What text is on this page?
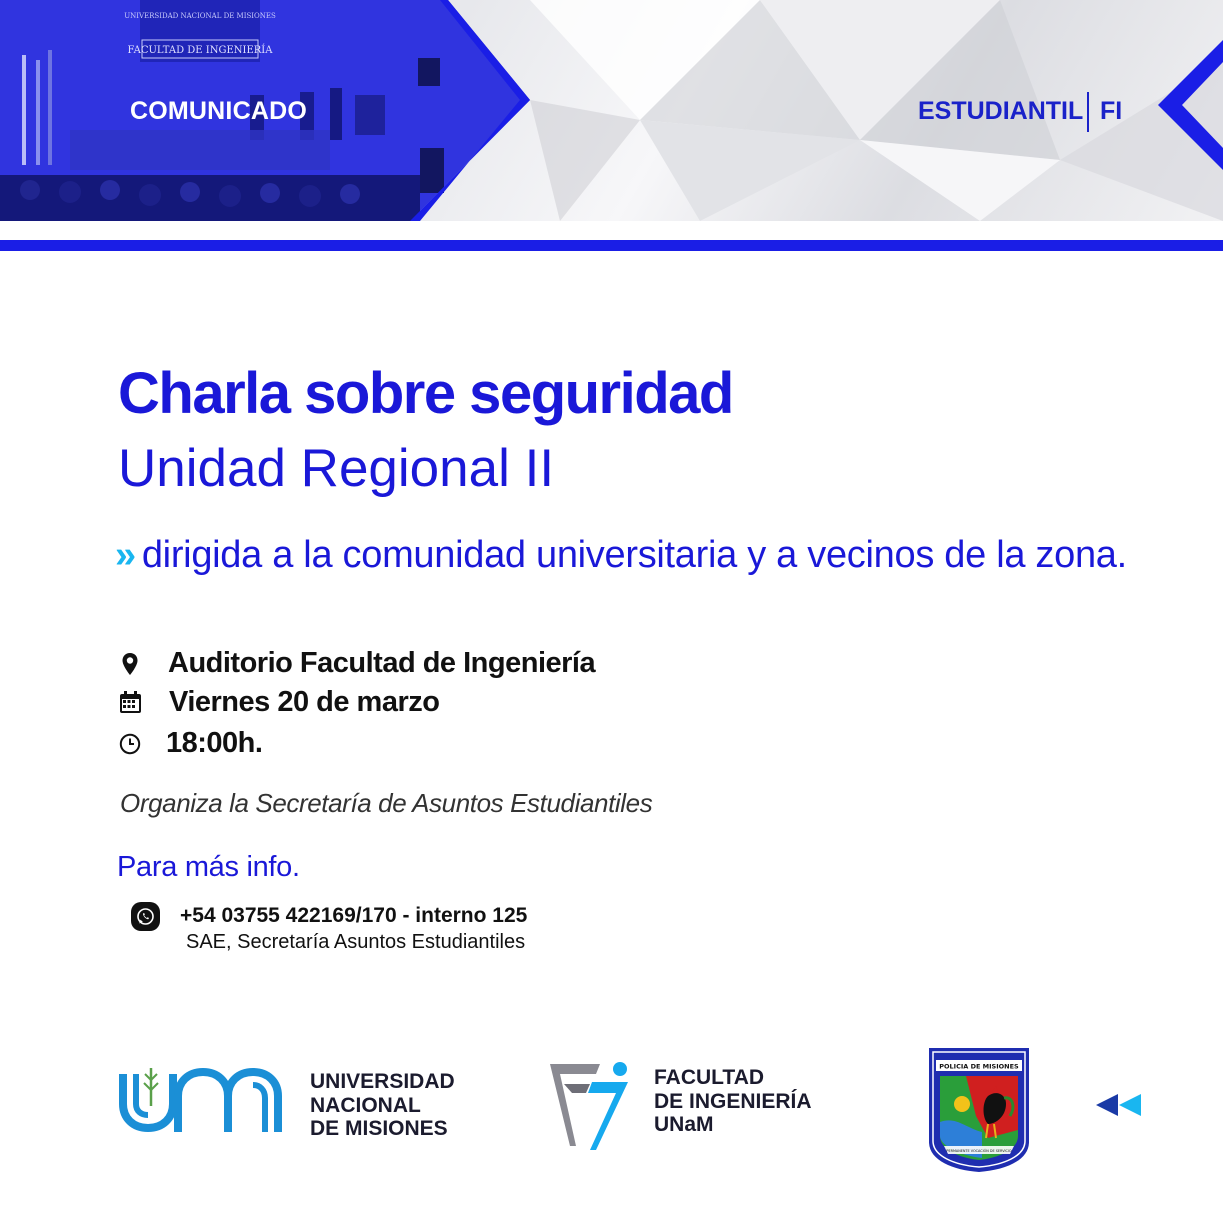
UNIVERSIDAD NACIONAL DE MISIONES
FACULTAD DE INGENIERÍA
COMUNICADO	ESTUDIANTIL FI
Charla sobre seguridad
Unidad Regional II
» dirigida a la comunidad universitaria y a vecinos de la zona.
Auditorio Facultad de Ingeniería
Viernes 20 de marzo
18:00h.
Organiza la Secretaría de Asuntos Estudiantiles
Para más info.
+54 03755 422169/170 - interno 125
SAE, Secretaría Asuntos Estudiantiles
UNIVERSIDAD
NACIONAL
DE MISIONES
FACULTAD
DE INGENIERÍA
UNaM
POLICIA DE MISIONES
PERMANENTE VOCACIÓN DE SERVICIO
